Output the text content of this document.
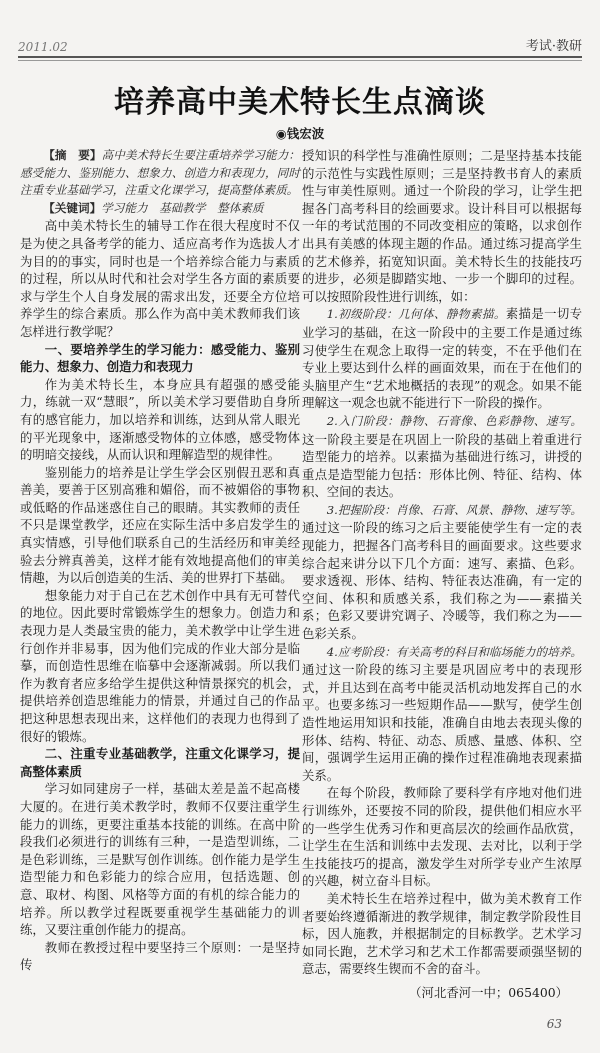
2011.02	考试·教研
培养高中美术特长生点滴谈
◉钱宏波

【摘　要】高中美术特长生要注重培养学习能力：感受能力、鉴别能力、想象力、创造力和表现力，同时注重专业基础学习，注重文化课学习，提高整体素质。

【关键词】学习能力　基础教学　整体素质

高中美术特长生的辅导工作在很大程度时不仅是为使之具备考学的能力、适应高考作为选拔人才为目的的事实，同时也是一个培养综合能力与素质的过程，所以从时代和社会对学生各方面的素质要求与学生个人自身发展的需求出发，还要全方位培养学生的综合素质。那么作为高中美术教师我们该怎样进行教学呢？

一、要培养学生的学习能力：感受能力、鉴别能力、想象力、创造力和表现力

作为美术特长生，本身应具有超强的感受能力，练就一双“慧眼”，所以美术学习要借助自身所有的感官能力，加以培养和训练，达到从常人眼光的平光现象中，逐渐感受物体的立体感，感受物体的明暗交接线，从而认识和理解造型的规律性。

鉴别能力的培养是让学生学会区别假丑恶和真善美，要善于区别高雅和媚俗，而不被媚俗的事物或低略的作品迷惑住自己的眼睛。其实教师的责任不只是课堂教学，还应在实际生活中多启发学生的真实情感，引导他们联系自己的生活经历和审美经验去分辨真善美，这样才能有效地提高他们的审美情趣，为以后创造美的生活、美的世界打下基础。

想象能力对于自己在艺术创作中具有无可替代的地位。因此要时常锻炼学生的想象力。创造力和表现力是人类最宝贵的能力，美术教学中让学生进行创作并非易事，因为他们完成的作业大部分是临摹，而创造性思维在临摹中会逐渐减弱。所以我们作为教育者应多给学生提供这种情景探究的机会，提供培养创造思维能力的情景，并通过自己的作品把这种思想表现出来，这样他们的表现力也得到了很好的锻炼。

二、注重专业基础教学，注重文化课学习，提高整体素质

学习如同建房子一样，基础太差是盖不起高楼大厦的。在进行美术教学时，教师不仅要注重学生能力的训练，更要注重基本技能的训练。在高中阶段我们必须进行的训练有三种，一是造型训练，二是色彩训练，三是默写创作训练。创作能力是学生造型能力和色彩能力的综合应用，包括选题、创意、取材、构图、风格等方面的有机的综合能力的培养。所以教学过程既要重视学生基础能力的训练，又要注重创作能力的提高。

教师在教授过程中要坚持三个原则：一是坚持传

授知识的科学性与准确性原则；二是坚持基本技能的示范性与实践性原则；三是坚持教书育人的素质性与审美性原则。通过一个阶段的学习，让学生把握各门高考科目的绘画要求。设计科目可以根据每一年的考试范围的不同改变相应的策略，以求创作出具有美感的体现主题的作品。通过练习提高学生的艺术修养，拓宽知识面。美术特长生的技能技巧的进步，必须是脚踏实地、一步一个脚印的过程。可以按照阶段性进行训练，如：

1.初级阶段：几何体、静物素描。素描是一切专业学习的基础，在这一阶段中的主要工作是通过练习使学生在观念上取得一定的转变，不在乎他们在专业上要达到什么样的画面效果，而在于在他们的头脑里产生“艺术地概括的表现”的观念。如果不能理解这一观念也就不能进行下一阶段的操作。

2.入门阶段：静物、石膏像、色彩静物、速写。这一阶段主要是在巩固上一阶段的基础上着重进行造型能力的培养。以素描为基础进行练习，讲授的重点是造型能力包括：形体比例、特征、结构、体积、空间的表达。

3.把握阶段：肖像、石膏、风景、静物、速写等。通过这一阶段的练习之后主要能使学生有一定的表现能力，把握各门高考科目的画面要求。这些要求综合起来讲分以下几个方面：速写、素描、色彩。要求透视、形体、结构、特征表达准确，有一定的空间、体积和质感关系，我们称之为——素描关系；色彩又要讲究调子、冷暖等，我们称之为——色彩关系。

4.应考阶段：有关高考的科目和临场能力的培养。通过这一阶段的练习主要是巩固应考中的表现形式，并且达到在高考中能灵活机动地发挥自己的水平。也要多练习一些短期作品——默写，使学生创造性地运用知识和技能，准确自由地去表现头像的形体、结构、特征、动态、质感、量感、体积、空间，强调学生运用正确的操作过程准确地表现素描关系。

在每个阶段，教师除了要科学有序地对他们进行训练外，还要按不同的阶段，提供他们相应水平的一些学生优秀习作和更高层次的绘画作品欣赏，让学生在生活和训练中去发现、去对比，以利于学生技能技巧的提高，激发学生对所学专业产生浓厚的兴趣，树立奋斗目标。

美术特长生在培养过程中，做为美术教育工作者要始终遵循渐进的教学规律，制定教学阶段性目标，因人施教，并根据制定的目标教学。艺术学习如同长跑，艺术学习和艺术工作都需要顽强坚韧的意志，需要终生锲而不舍的奋斗。

（河北香河一中；065400）

63
